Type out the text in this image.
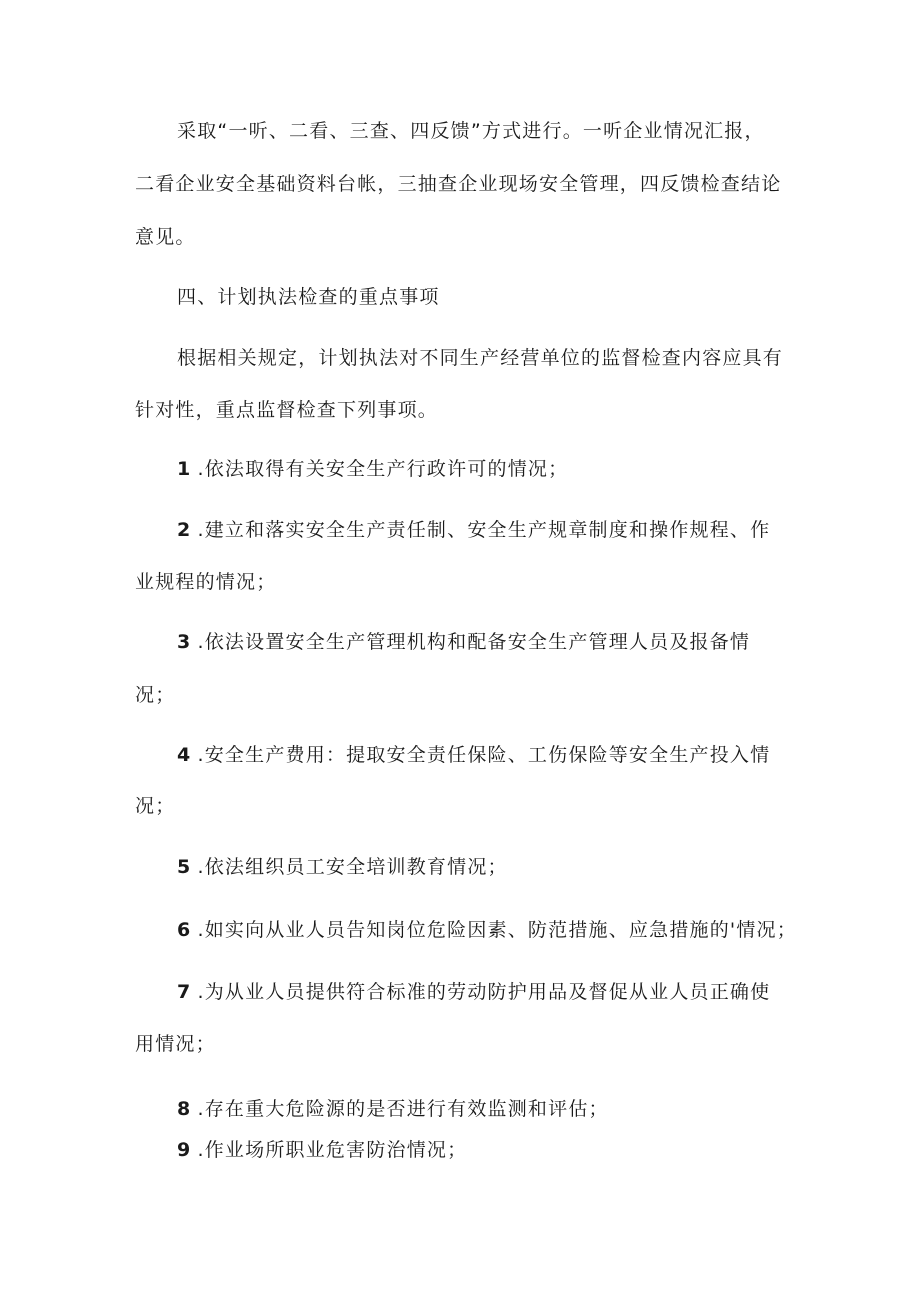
采取“一听、二看、三查、四反馈”方式进行。一听企业情况汇报，
二看企业安全基础资料台帐，三抽查企业现场安全管理，四反馈检查结论
意见。
四、计划执法检查的重点事项
根据相关规定，计划执法对不同生产经营单位的监督检查内容应具有
针对性，重点监督检查下列事项。
1 .依法取得有关安全生产行政许可的情况；
2 .建立和落实安全生产责任制、安全生产规章制度和操作规程、作
业规程的情况；
3 .依法设置安全生产管理机构和配备安全生产管理人员及报备情
况；
4 .安全生产费用：提取安全责任保险、工伤保险等安全生产投入情
况；
5 .依法组织员工安全培训教育情况；
6 .如实向从业人员告知岗位危险因素、防范措施、应急措施的'情况；
7 .为从业人员提供符合标准的劳动防护用品及督促从业人员正确使
用情况；
8 .存在重大危险源的是否进行有效监测和评估；
9 .作业场所职业危害防治情况；
